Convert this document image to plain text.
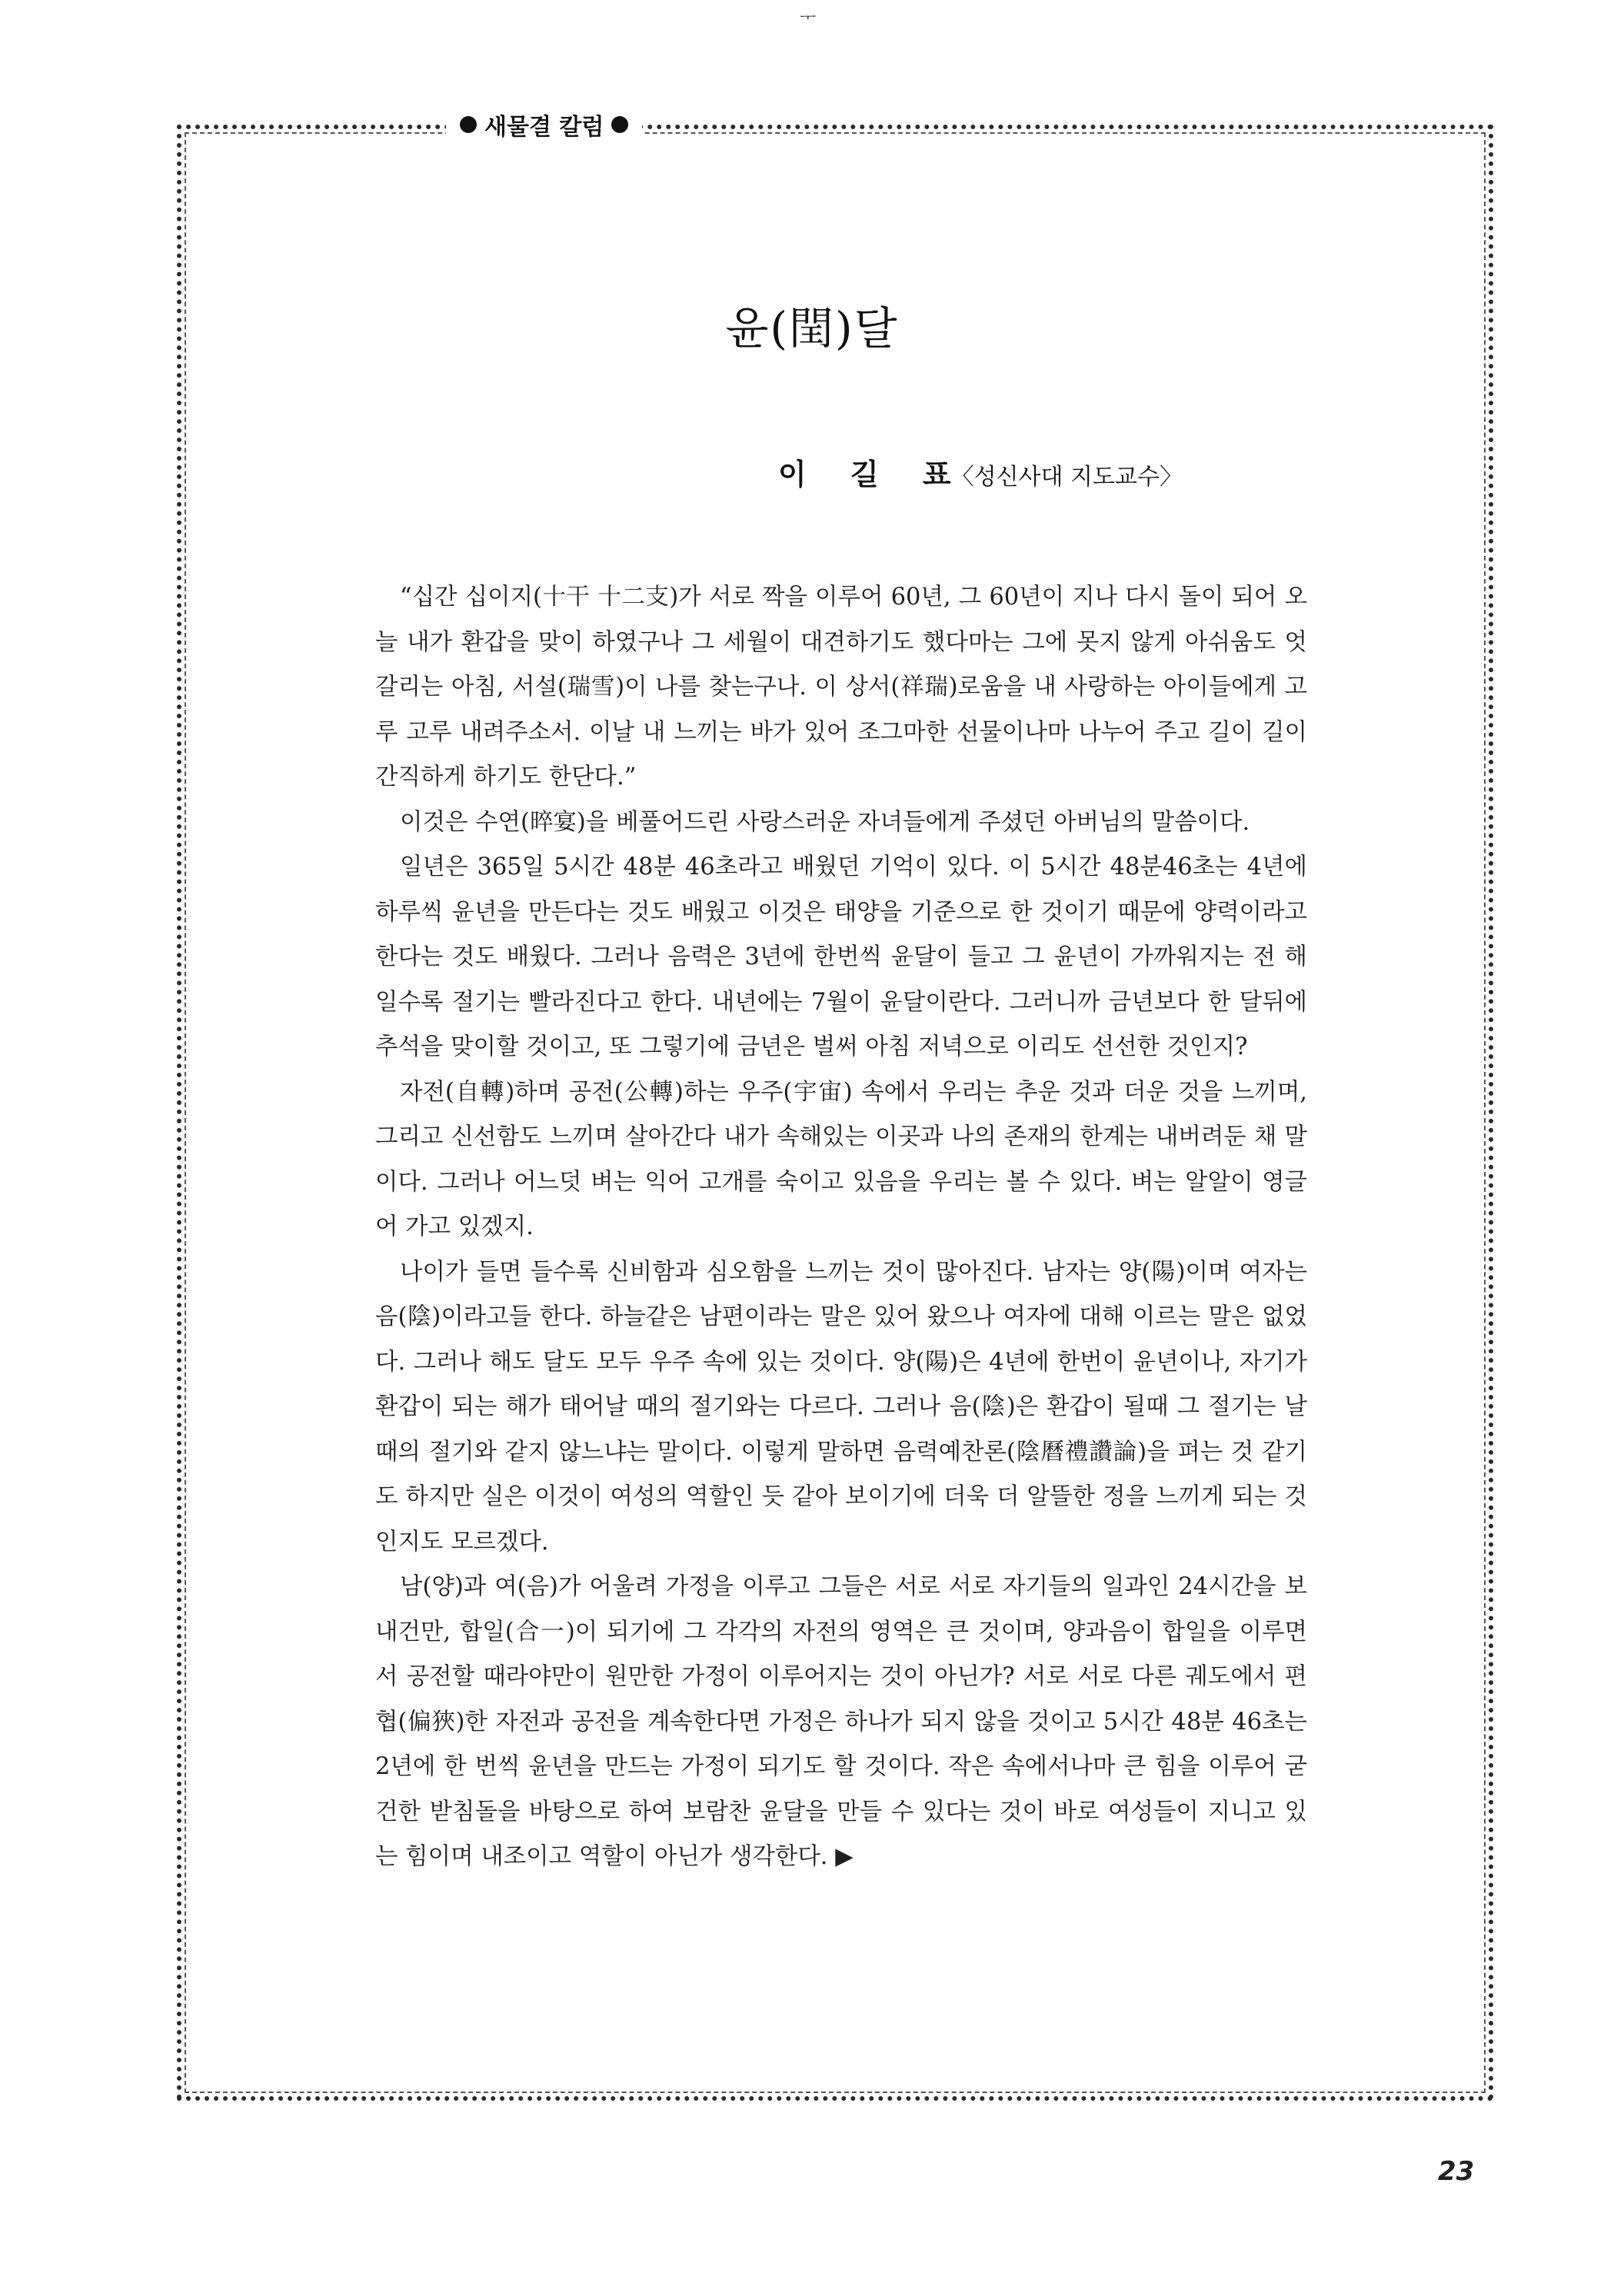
ᅮ
새물결 칼럼
윤(閏)달
이 길 표〈성신사대 지도교수〉

“십간 십이지(十干 十二支)가 서로 짝을 이루어 60년, 그 60년이 지나 다시 돌이 되어 오늘 내가 환갑을 맞이 하였구나 그 세월이 대견하기도 했다마는 그에 못지 않게 아쉬움도 엇갈리는 아침, 서설(瑞雪)이 나를 찾는구나. 이 상서(祥瑞)로움을 내 사랑하는 아이들에게 고루 고루 내려주소서. 이날 내 느끼는 바가 있어 조그마한 선물이나마 나누어 주고 길이 길이 간직하게 하기도 한단다.”

이것은 수연(晬宴)을 베풀어드린 사랑스러운 자녀들에게 주셨던 아버님의 말씀이다.

일년은 365일 5시간 48분 46초라고 배웠던 기억이 있다. 이 5시간 48분46초는 4년에 하루씩 윤년을 만든다는 것도 배웠고 이것은 태양을 기준으로 한 것이기 때문에 양력이라고 한다는 것도 배웠다. 그러나 음력은 3년에 한번씩 윤달이 들고 그 윤년이 가까워지는 전 해일수록 절기는 빨라진다고 한다. 내년에는 7월이 윤달이란다. 그러니까 금년보다 한 달뒤에 추석을 맞이할 것이고, 또 그렇기에 금년은 벌써 아침 저녁으로 이리도 선선한 것인지?

자전(自轉)하며 공전(公轉)하는 우주(宇宙) 속에서 우리는 추운 것과 더운 것을 느끼며, 그리고 신선함도 느끼며 살아간다 내가 속해있는 이곳과 나의 존재의 한계는 내버려둔 채 말이다. 그러나 어느덧 벼는 익어 고개를 숙이고 있음을 우리는 볼 수 있다. 벼는 알알이 영글어 가고 있겠지.

나이가 들면 들수록 신비함과 심오함을 느끼는 것이 많아진다. 남자는 양(陽)이며 여자는 음(陰)이라고들 한다. 하늘같은 남편이라는 말은 있어 왔으나 여자에 대해 이르는 말은 없었다. 그러나 해도 달도 모두 우주 속에 있는 것이다. 양(陽)은 4년에 한번이 윤년이나, 자기가 환갑이 되는 해가 태어날 때의 절기와는 다르다. 그러나 음(陰)은 환갑이 될때 그 절기는 날 때의 절기와 같지 않느냐는 말이다. 이렇게 말하면 음력예찬론(陰曆禮讚論)을 펴는 것 같기도 하지만 실은 이것이 여성의 역할인 듯 같아 보이기에 더욱 더 알뜰한 정을 느끼게 되는 것인지도 모르겠다.

남(양)과 여(음)가 어울려 가정을 이루고 그들은 서로 서로 자기들의 일과인 24시간을 보내건만, 합일(合一)이 되기에 그 각각의 자전의 영역은 큰 것이며, 양과음이 합일을 이루면서 공전할 때라야만이 원만한 가정이 이루어지는 것이 아닌가? 서로 서로 다른 궤도에서 편협(偏狹)한 자전과 공전을 계속한다면 가정은 하나가 되지 않을 것이고 5시간 48분 46초는 2년에 한 번씩 윤년을 만드는 가정이 되기도 할 것이다. 작은 속에서나마 큰 힘을 이루어 굳건한 받침돌을 바탕으로 하여 보람찬 윤달을 만들 수 있다는 것이 바로 여성들이 지니고 있는 힘이며 내조이고 역할이 아닌가 생각한다. ▶

23
